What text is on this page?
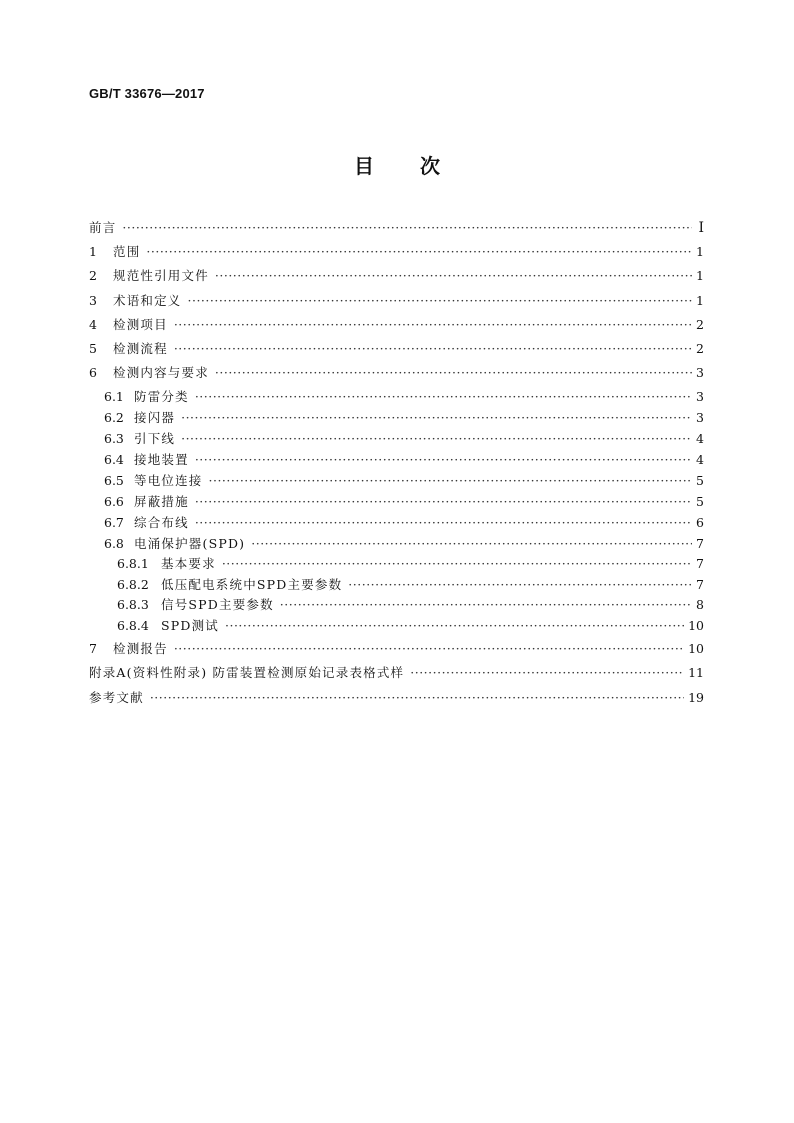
GB/T 33676—2017
目 次
前言 ·····	I
1	范围 ·····	1
2	规范性引用文件 ·····	1
3	术语和定义 ·····	1
4	检测项目 ·····	2
5	检测流程 ·····	2
6	检测内容与要求 ·····	3
6.1 防雷分类 ·····	3
6.2 接闪器 ·····	3
6.3 引下线 ·····	4
6.4 接地装置 ·····	4
6.5 等电位连接 ·····	5
6.6 屏蔽措施 ·····	5
6.7 综合布线 ·····	6
6.8 电涌保护器(SPD) ·····	7
6.8.1 基本要求 ·····	7
6.8.2 低压配电系统中SPD主要参数 ·····	7
6.8.3 信号SPD主要参数 ·····	8
6.8.4 SPD测试 ·····	10
7	检测报告 ·····	10
附录A(资料性附录) 防雷装置检测原始记录表格式样 ·····	11
参考文献 ·····	19
